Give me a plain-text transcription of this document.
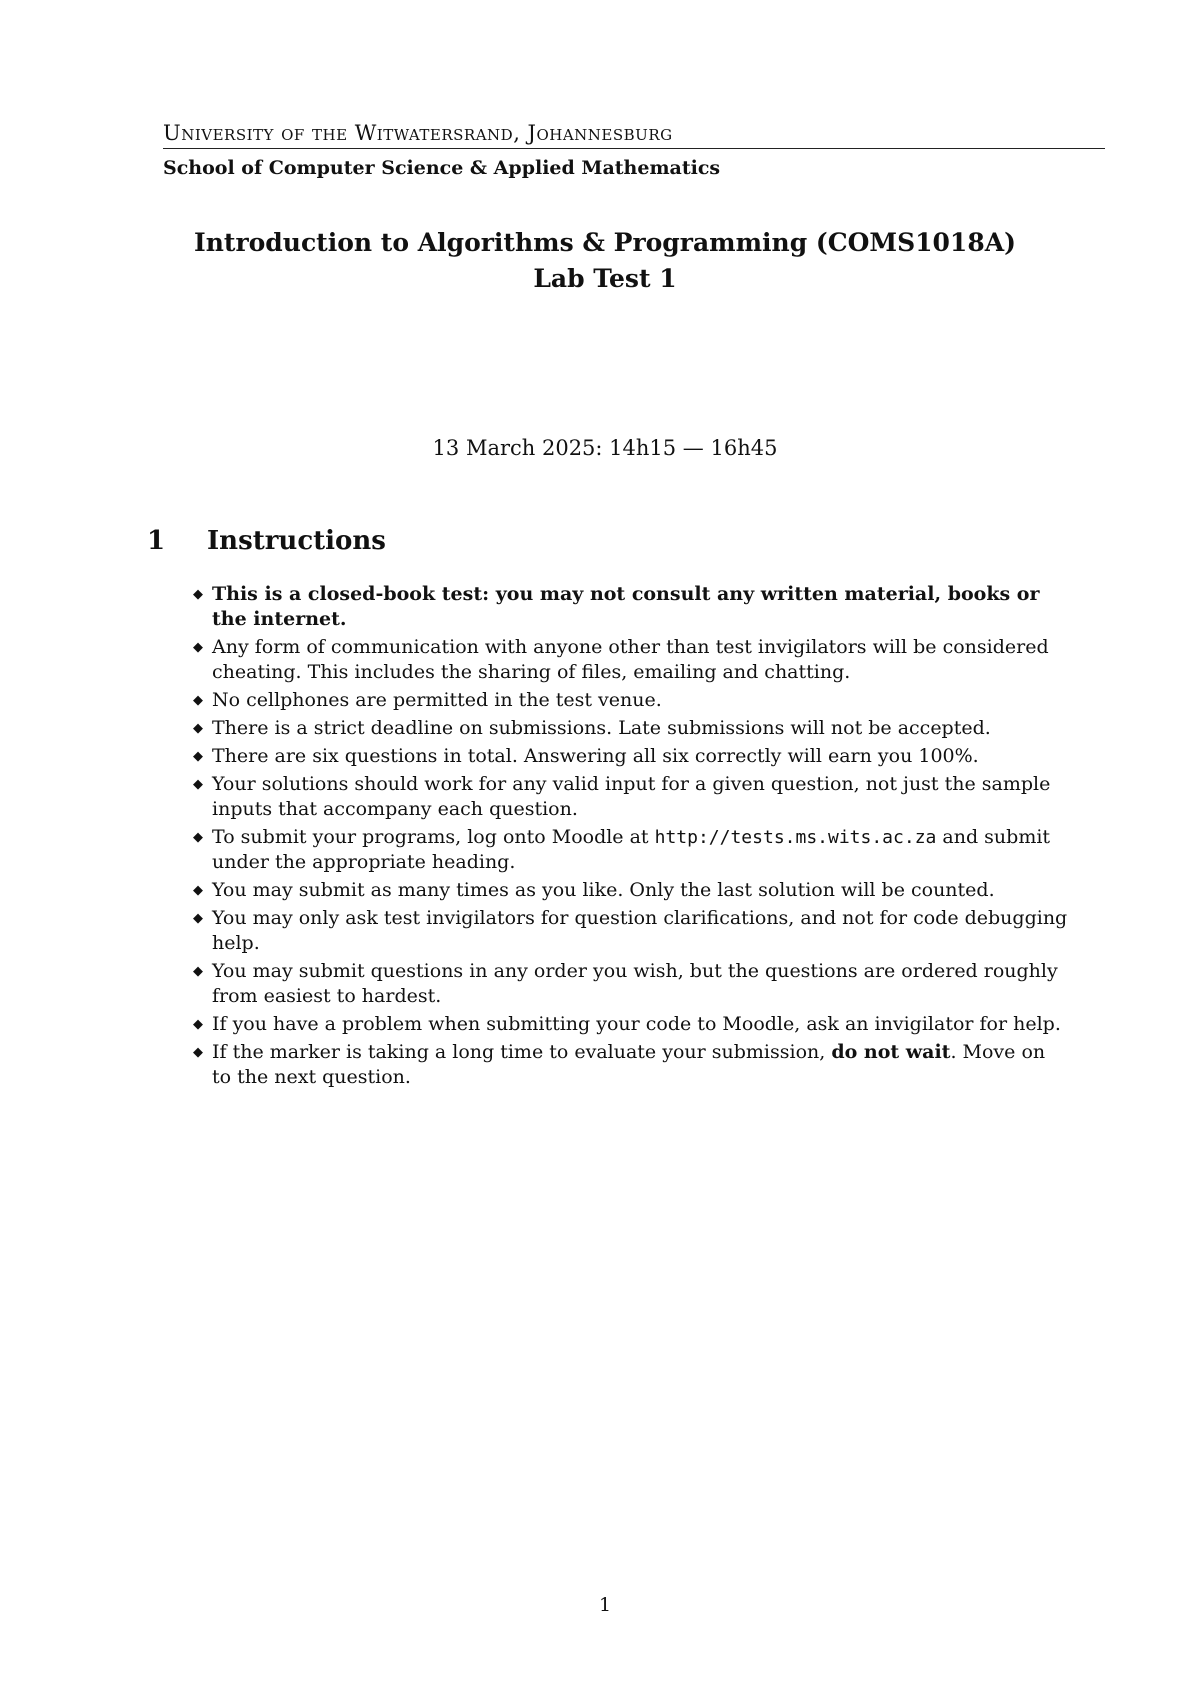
University of the Witwatersrand, Johannesburg
School of Computer Science & Applied Mathematics
Introduction to Algorithms & Programming (COMS1018A)
Lab Test 1
13 March 2025: 14h15 — 16h45
1	Instructions
◆ This is a closed-book test: you may not consult any written material, books or the internet.
◆ Any form of communication with anyone other than test invigilators will be considered cheating. This includes the sharing of files, emailing and chatting.
◆ No cellphones are permitted in the test venue.
◆ There is a strict deadline on submissions. Late submissions will not be accepted.
◆ There are six questions in total. Answering all six correctly will earn you 100%.
◆ Your solutions should work for any valid input for a given question, not just the sample inputs that accompany each question.
◆ To submit your programs, log onto Moodle at http://tests.ms.wits.ac.za and submit under the appropriate heading.
◆ You may submit as many times as you like. Only the last solution will be counted.
◆ You may only ask test invigilators for question clarifications, and not for code debugging help.
◆ You may submit questions in any order you wish, but the questions are ordered roughly from easiest to hardest.
◆ If you have a problem when submitting your code to Moodle, ask an invigilator for help.
◆ If the marker is taking a long time to evaluate your submission, do not wait. Move on to the next question.
1
